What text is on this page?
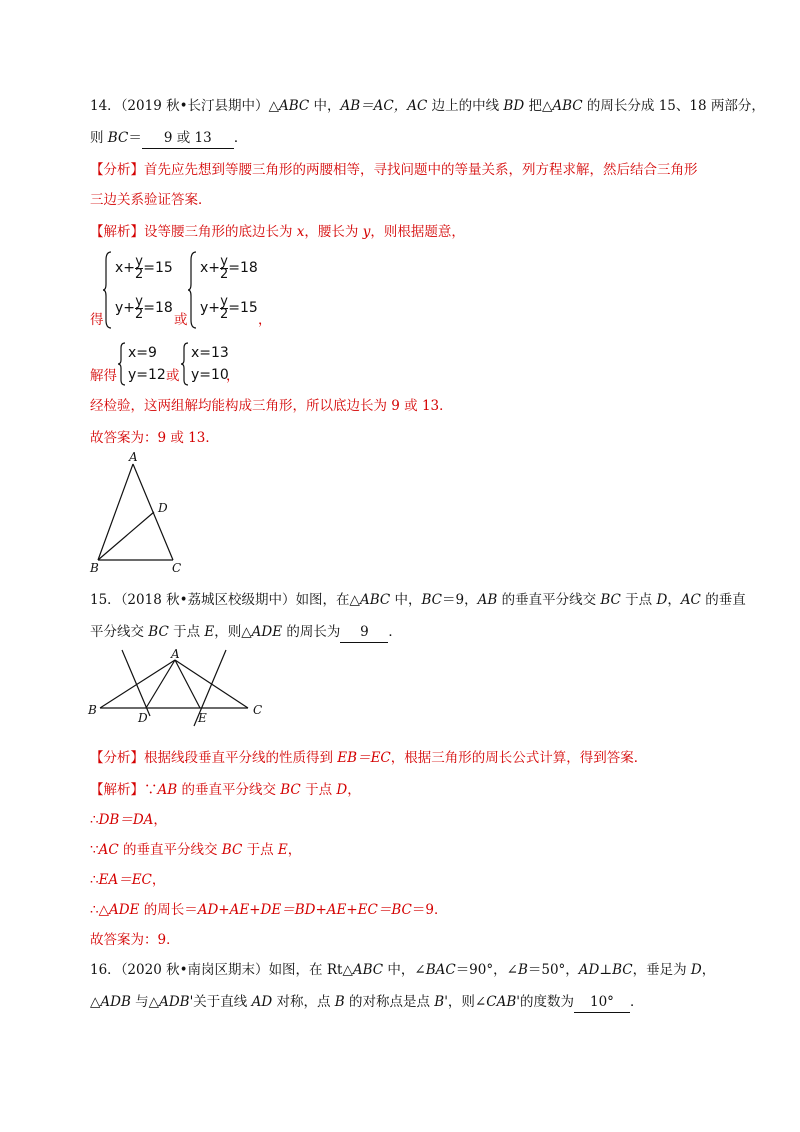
14．（2019 秋•长汀县期中）△ABC 中，AB＝AC，AC 边上的中线 BD 把△ABC 的周长分成 15、18 两部分，
则 BC＝ 9 或 13 ．
【分析】首先应先想到等腰三角形的两腰相等，寻找问题中的等量关系，列方程求解，然后结合三角形
三边关系验证答案．
【解析】设等腰三角形的底边长为 x，腰长为 y，则根据题意，
得
$x+ \frac{y}{2} =15$
$y+ \frac{y}{2} =18$
或
$x+ \frac{y}{2} =18$
$y+ \frac{y}{2} =15$
，
解得
x=9
y=12 或
x=13
y=10
，
经检验，这两组解均能构成三角形，所以底边长为 9 或 13．
故答案为：9 或 13．
A
B	C
D
15．（2018 秋•荔城区校级期中）如图，在△ABC 中，BC＝9，AB 的垂直平分线交 BC 于点 D，AC 的垂直
平分线交 BC 于点 E，则△ADE 的周长为 9 ．
A
B	C
D	E
【分析】根据线段垂直平分线的性质得到 EB＝EC，根据三角形的周长公式计算，得到答案．
【解析】∵AB 的垂直平分线交 BC 于点 D，
∴DB＝DA，
∵AC 的垂直平分线交 BC 于点 E，
∴EA＝EC，
∴△ADE 的周长＝AD+AE+DE＝BD+AE+EC＝BC＝9．
故答案为：9．
16．（2020 秋•南岗区期末）如图，在 Rt△ABC 中，∠BAC＝90°，∠B＝50°，AD⊥BC，垂足为 D，
△ADB 与△ADB'关于直线 AD 对称，点 B 的对称点是点 B'，则∠CAB'的度数为 10° ．
